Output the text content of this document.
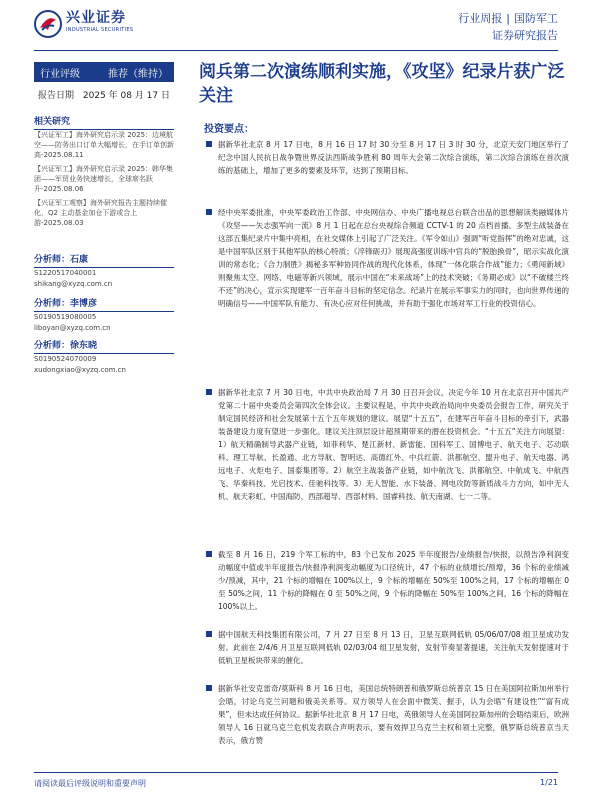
兴业证券
INDUSTRIAL SECURITIES
行业周报 | 国防军工
证券研究报告
行业评级	推荐（维持）
报告日期 2025 年 08 月 17 日
相关研究
【兴证军工】海外研究启示录 2025：边境航空——防务出口订单大幅增长，在手订单创新高-2025.08.11
【兴证军工】海外研究启示录 2025：韩华集团——军贸业务快速增长，全球席名跃升-2025.08.06
【兴证军工观察】海外研究报告主题持续催化，Q2 主动基金加仓下游或合上游-2025.08.03
分析师：石康
S1220517040001
shikang@xyzq.com.cn
分析师：李博彦
S0190519080005
liboyan@xyzq.com.cn
分析师：徐东晓
S0190524070009
xudongxiao@xyzq.com.cn
阅兵第二次演练顺利实施，《攻坚》纪录片获广泛关注
投资要点：
据新华社北京 8 月 17 日电，8 月 16 日 17 时 30 分至 8 月 17 日 3 时 30 分，北京天安门地区举行了纪念中国人民抗日战争暨世界反法西斯战争胜利 80 周年大会第二次综合演练，第二次综合演练在首次演练的基础上，增加了更多的要素及环节，达到了预期目标。
经中央军委批准，中央军委政治工作部、中央网信办、中央广播电视总台联合出品的思想解读类融媒体片《攻坚——矢志强军向一流》8 月 1 日起在总台央视综合频道 CCTV-1 的 20 点档首播。多型主战装备在这部五集纪录片中集中亮相，在社交媒体上引起了广泛关注。《军令如山》强调“听党指挥”的绝对忠诚，这是中国军队区别于其他军队的核心特质；《淬锋砺刃》展现高强度训练中官兵的“脱胎换骨”，昭示实战化演训的常态化；《合力制胜》揭秘多军种协同作战的现代化体系，体现“一体化联合作战”能力；《勇闯新域》则聚焦太空、网络、电磁等新兴领域，展示中国在“未来战场”上的技术突破；《务期必成》以“不破楼兰终不还”的决心，宣示实现建军一百年奋斗目标的坚定信念。纪录片在展示军事实力的同时，也向世界传递的明确信号——中国军队有能力、有决心应对任何挑战，并有助于强化市场对军工行业的投资信心。
据新华社北京 7 月 30 日电，中共中央政治局 7 月 30 日召开会议，决定今年 10 月在北京召开中国共产党第二十届中央委员会第四次全体会议。主要议程是，中共中央政治局向中央委员会报告工作，研究关于制定国民经济和社会发展第十五个五年规划的建议。展望“十五五”，在建军百年奋斗目标的牵引下，武器装备建设力度有望进一步强化。建议关注顶层设计超预期带来的潜在投资机会。“十五五”关注方向展望：1）航天精确制导武器产业链，如菲利华、楚江新材、新雷能、国科军工、国博电子、航天电子、芯动联科、理工导航、长盈通、北方导航、智明达、高德红外、中兵红箭、洪都航空、盟升电子、航天电器、鸿远电子、火炬电子、国泰集团等。2）航空主战装备产业链，如中航沈飞、洪都航空、中航成飞、中航西飞、华秦科技、光启技术、佳驰科技等。3）无人智能、水下装备、网电攻防等新质战斗力方向，如中无人机、航天彩虹、中国海防、西部超导、西部材料、国睿科技、航天南湖、七一二等。
截至 8 月 16 日，219 个军工标的中，83 个已发布 2025 半年度报告/业绩报告/快报，以预告净利润变动幅度中值或半年度报告/快报净利润变动幅度为口径统计，47 个标的业绩增长/预增，36 个标的业绩减少/预减，其中，21 个标的增幅在 100%以上，9 个标的增幅在 50%至 100%之间，17 个标的增幅在 0 至 50%之间，11 个标的降幅在 0 至 50%之间，9 个标的降幅在 50%至 100%之间，16 个标的降幅在 100%以上。
据中国航天科技集团有限公司，7 月 27 日至 8 月 13 日，卫星互联网低轨 05/06/07/08 组卫星成功发射。此前在 2/4/6 月卫星互联网低轨 02/03/04 组卫星发射，发射节奏显著提速，关注航天发射提速对于低轨卫星板块带来的催化。
据新华社安克雷奇/莫斯科 8 月 16 日电，美国总统特朗普和俄罗斯总统普京 15 日在美国阿拉斯加州举行会晤，讨论乌克兰问题和俄美关系等。双方领导人在会面中微笑、握手，认为会晤“有建设性”“富有成果”，但未达成任何协议。据新华社北京 8 月 17 日电，英俄领导人在美国阿拉斯加州的会晤结束后，欧洲领导人 16 日就乌克兰危机发表联合声明表示，要有效捍卫乌克兰主权和领土完整，俄罗斯总统普京当天表示，俄方赞
请阅读最后评级说明和重要声明	1/21
